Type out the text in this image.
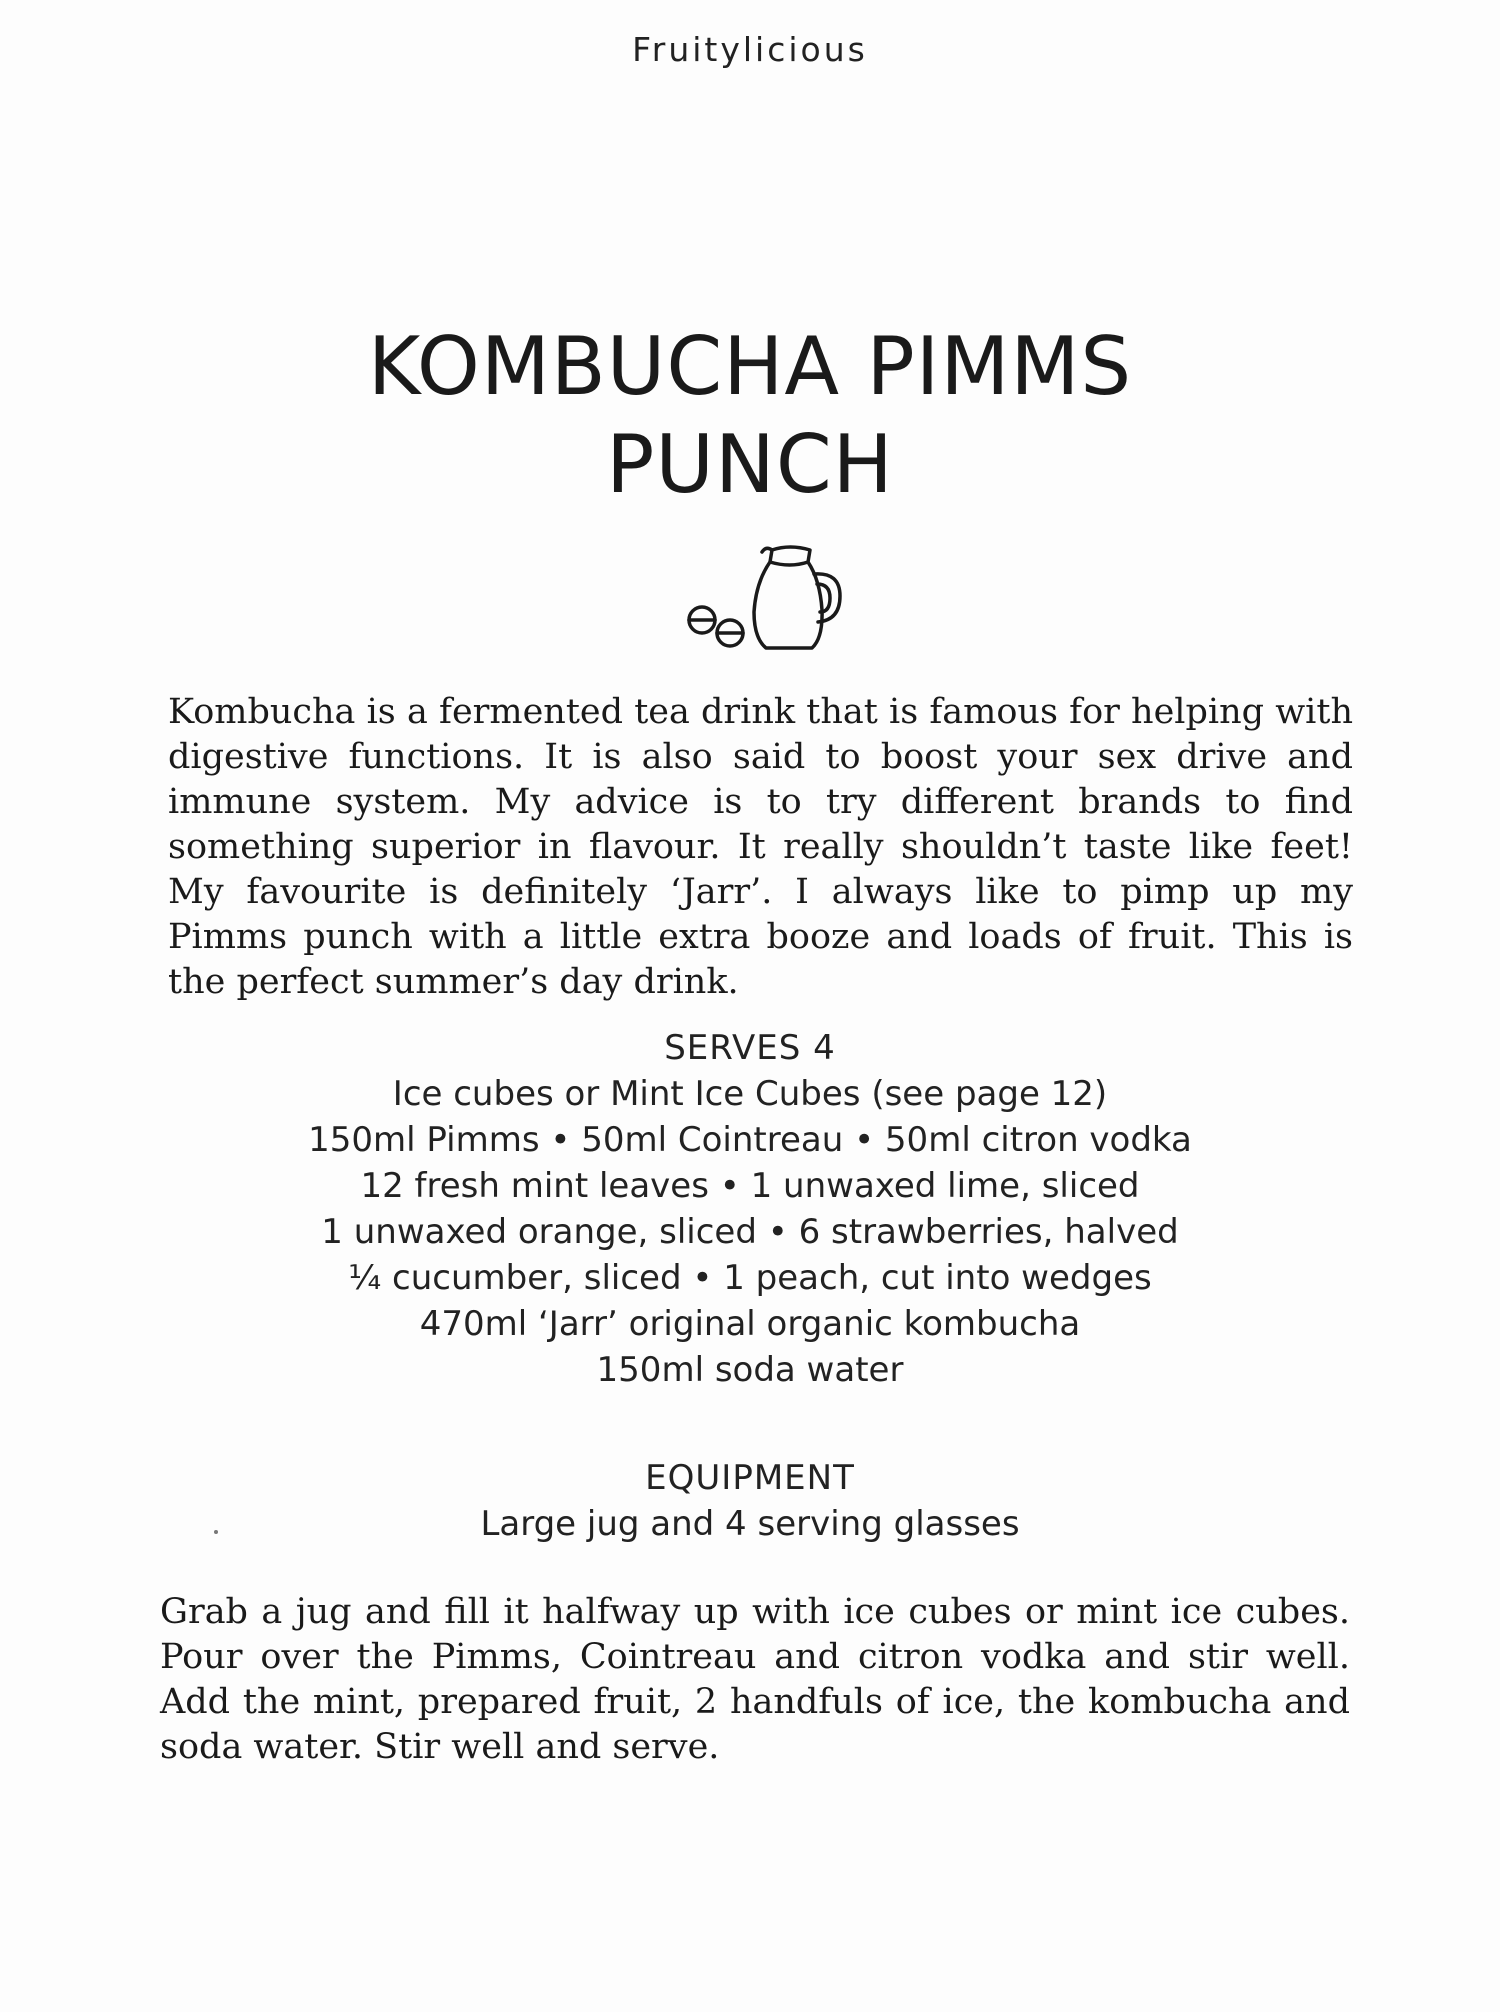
Fruitylicious
KOMBUCHA PIMMS
PUNCH

Kombucha is a fermented tea drink that is famous for helping with digestive functions. It is also said to boost your sex drive and immune system. My advice is to try different brands to find something superior in flavour. It really shouldn’t taste like feet! My favourite is definitely ‘Jarr’. I always like to pimp up my Pimms punch with a little extra booze and loads of fruit. This is the perfect summer’s day drink.

SERVES 4
Ice cubes or Mint Ice Cubes (see page 12)
150ml Pimms • 50ml Cointreau • 50ml citron vodka
12 fresh mint leaves • 1 unwaxed lime, sliced
1 unwaxed orange, sliced • 6 strawberries, halved
¼ cucumber, sliced • 1 peach, cut into wedges
470ml ‘Jarr’ original organic kombucha
150ml soda water
EQUIPMENT
Large jug and 4 serving glasses

Grab a jug and fill it halfway up with ice cubes or mint ice cubes. Pour over the Pimms, Cointreau and citron vodka and stir well. Add the mint, prepared fruit, 2 handfuls of ice, the kombucha and soda water. Stir well and serve.
